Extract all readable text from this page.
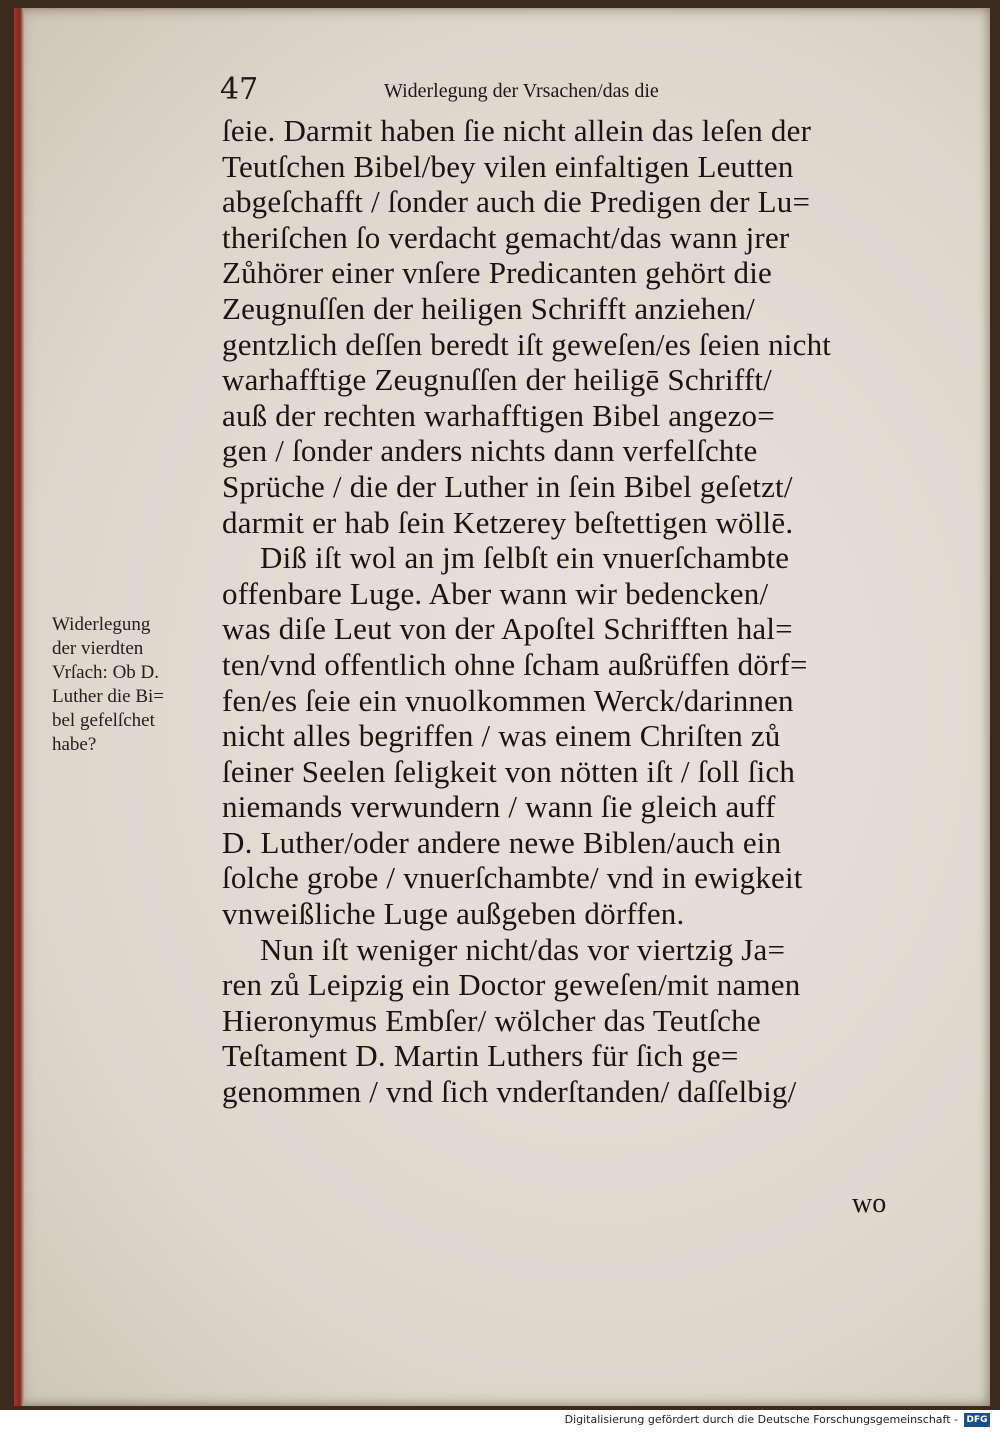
47	Widerlegung der Vrsachen/das die
ſeie. Darmit haben ſie nicht allein das leſen der
Teutſchen Bibel/bey vilen einfaltigen Leutten
abgeſchafft / ſonder auch die Predigen der Lu=
theriſchen ſo verdacht gemacht/das wann jrer
Zůhörer einer vnſere Predicanten gehört die
Zeugnuſſen der heiligen Schrifft anziehen/
gentzlich deſſen beredt iſt geweſen/es ſeien nicht
warhafftige Zeugnuſſen der heiligē Schrifft/
auß der rechten warhafftigen Bibel angezo=
gen / ſonder anders nichts dann verfelſchte
Sprüche / die der Luther in ſein Bibel geſetzt/
darmit er hab ſein Ketzerey beſtettigen wöllē.
Diß iſt wol an jm ſelbſt ein vnuerſchambte
offenbare Luge. Aber wann wir bedencken/
was diſe Leut von der Apoſtel Schrifften hal=
ten/vnd offentlich ohne ſcham außrüffen dörf=
fen/es ſeie ein vnuolkommen Werck/darinnen
nicht alles begriffen / was einem Chriſten zů
ſeiner Seelen ſeligkeit von nötten iſt / ſoll ſich
niemands verwundern / wann ſie gleich auff
D. Luther/oder andere newe Biblen/auch ein
ſolche grobe / vnuerſchambte/ vnd in ewigkeit
vnweißliche Luge außgeben dörffen.
Nun iſt weniger nicht/das vor viertzig Ja=
ren zů Leipzig ein Doctor geweſen/mit namen
Hieronymus Embſer/ wölcher das Teutſche
Teſtament D. Martin Luthers für ſich ge=
genommen / vnd ſich vnderſtanden/ daſſelbig/
wo
Widerlegung
der vierdten
Vrſach: Ob D.
Luther die Bi=
bel gefelſchet
habe?
Digitalisierung gefördert durch die Deutsche Forschungsgemeinschaft - DFG
